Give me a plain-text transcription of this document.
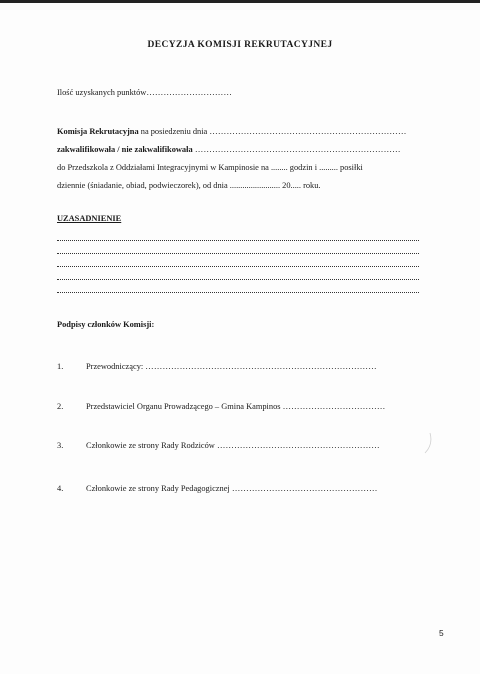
DECYZJA KOMISJI REKRUTACYJNEJ
Ilość uzyskanych punktów…………………………
Komisja Rekrutacyjna na posiedzeniu dnia ……………………………………………………………
zakwalifikowała / nie zakwalifikowała ………………………………………………………………
do Przedszkola z Oddziałami Integracyjnymi w Kampinosie na ........ godzin i ......... posiłki
dziennie (śniadanie, obiad, podwieczorek), od dnia ........................ 20..... roku.
UZASADNIENIE
Podpisy członków Komisji:
1.	Przewodniczący: ………………………………………………………………………
2.	Przedstawiciel Organu Prowadzącego – Gmina Kampinos ………………………………
3.	Członkowie ze strony Rady Rodziców …………………………………………………
4.	Członkowie ze strony Rady Pedagogicznej ……………………………………………
5
